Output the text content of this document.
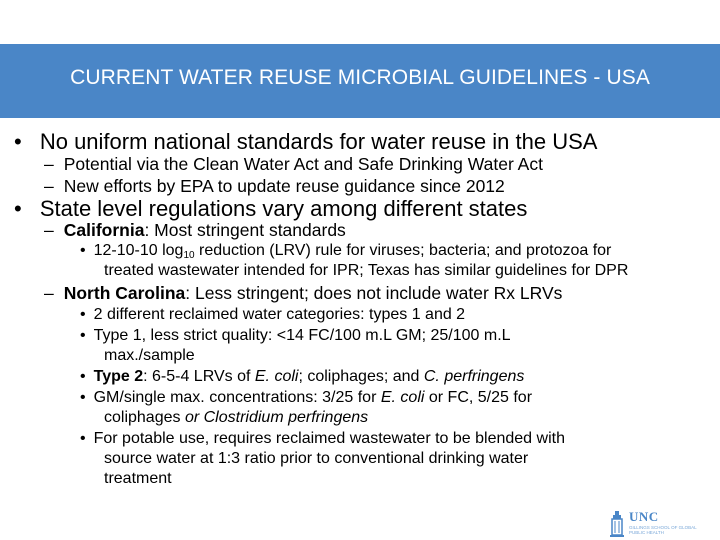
CURRENT WATER REUSE MICROBIAL GUIDELINES - USA
• No uniform national standards for water reuse in the USA
– Potential via the Clean Water Act and Safe Drinking Water Act
– New efforts by EPA to update reuse guidance since 2012
• State level regulations vary among different states
– California: Most stringent standards
• 12-10-10 $\log_{10}$ reduction (LRV) rule for viruses; bacteria; and protozoa for
treated wastewater intended for IPR; Texas has similar guidelines for DPR
– North Carolina: Less stringent; does not include water Rx LRVs
• 2 different reclaimed water categories: types 1 and 2
• Type 1, less strict quality: <14 FC/100 m.L GM; 25/100 m.L
max./sample
• Type 2: 6-5-4 LRVs of E. coli; coliphages; and C. perfringens
• GM/single max. concentrations: 3/25 for E. coli or FC, 5/25 for
coliphages or Clostridium perfringens
• For potable use, requires reclaimed wastewater to be blended with
source water at 1:3 ratio prior to conventional drinking water
treatment
UNC
GILLINGS SCHOOL OF GLOBAL PUBLIC HEALTH
